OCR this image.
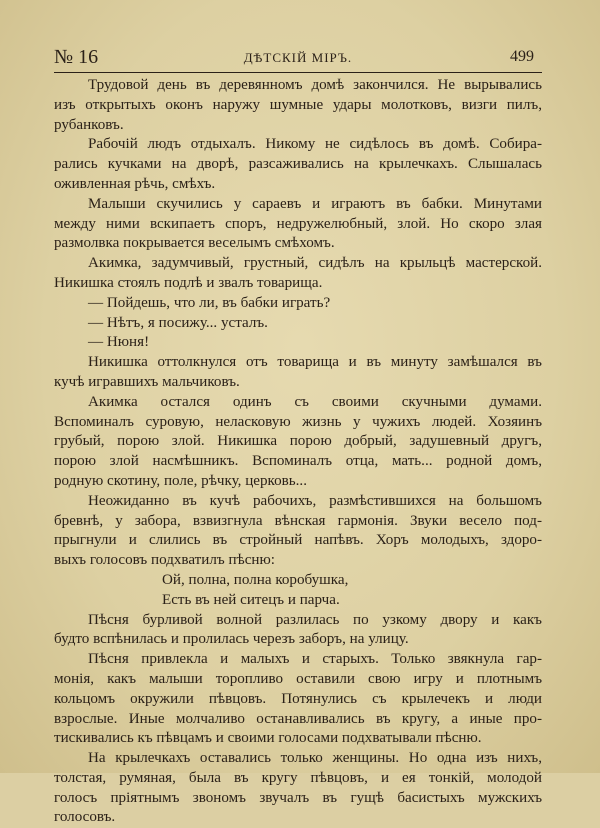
№ 16	ДѢТСКІЙ МІРЪ.	499
Трудовой день въ деревянномъ домѣ закончился. Не вырывались
изъ открытыхъ оконъ наружу шумные удары молотковъ, визги пилъ,
рубанковъ.
Рабочій людъ отдыхалъ. Никому не сидѣлось въ домѣ. Собира-
рались кучками на дворѣ, разсаживались на крылечкахъ. Слышалась
оживленная рѣчь, смѣхъ.
Малыши скучились у сараевъ и играютъ въ бабки. Минутами
между ними вскипаетъ споръ, недружелюбный, злой. Но скоро злая
размолвка покрывается веселымъ смѣхомъ.
Акимка, задумчивый, грустный, сидѣлъ на крыльцѣ мастерской.
Никишка стоялъ подлѣ и звалъ товарища.
— Пойдешь, что ли, въ бабки играть?
— Нѣтъ, я посижу... усталъ.
— Нюня!
Никишка оттолкнулся отъ товарища и въ минуту замѣшался въ
кучѣ игравшихъ мальчиковъ.
Акимка остался одинъ съ своими скучными думами.
Вспоминалъ суровую, неласковую жизнь у чужихъ людей. Хозяинъ
грубый, порою злой. Никишка порою добрый, задушевный другъ,
порою злой насмѣшникъ. Вспоминалъ отца, мать... родной домъ,
родную скотину, поле, рѣчку, церковь...
Неожиданно въ кучѣ рабочихъ, размѣстившихся на большомъ
бревнѣ, у забора, взвизгнула вѣнская гармонія. Звуки весело под-
прыгнули и слились въ стройный напѣвъ. Хоръ молодыхъ, здоро-
выхъ голосовъ подхватилъ пѣсню:
Ой, полна, полна коробушка,
Есть въ ней ситецъ и парча.
Пѣсня бурливой волной разлилась по узкому двору и какъ
будто вспѣнилась и пролилась черезъ заборъ, на улицу.
Пѣсня привлекла и малыхъ и старыхъ. Только звякнула гар-
монія, какъ малыши торопливо оставили свою игру и плотнымъ
кольцомъ окружили пѣвцовъ. Потянулись съ крылечекъ и люди
взрослые. Иные молчаливо останавливались въ кругу, а иные про-
тискивались къ пѣвцамъ и своими голосами подхватывали пѣсню.
На крылечкахъ оставались только женщины. Но одна изъ нихъ,
толстая, румяная, была въ кругу пѣвцовъ, и ея тонкій, молодой
голосъ пріятнымъ звономъ звучалъ въ гущѣ басистыхъ мужскихъ
голосовъ.
